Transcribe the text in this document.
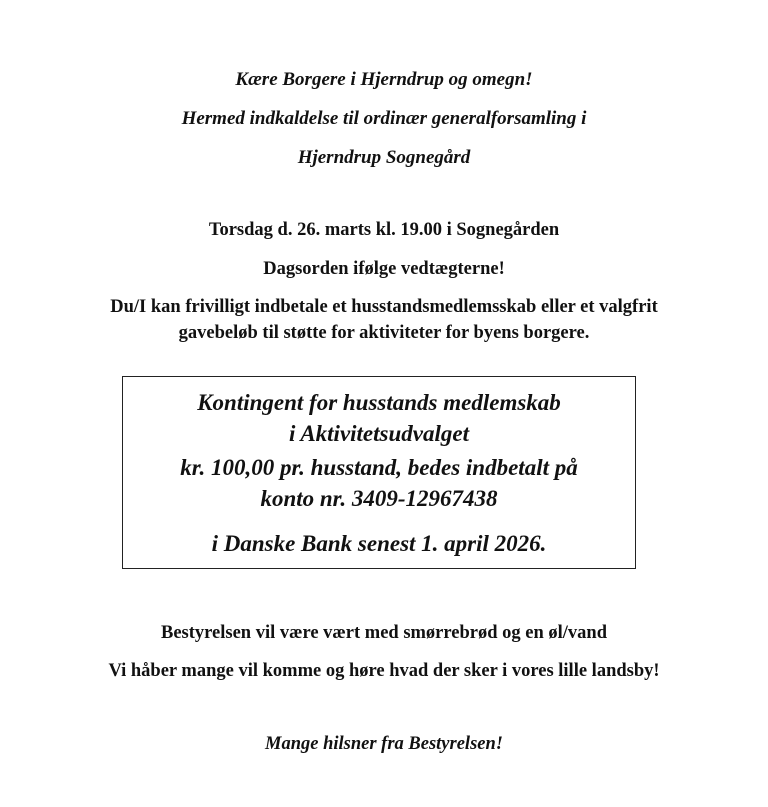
Kære Borgere i Hjerndrup og omegn!
Hermed indkaldelse til ordinær generalforsamling i
Hjerndrup Sognegård
Torsdag d. 26. marts kl. 19.00 i Sognegården
Dagsorden ifølge vedtægterne!
Du/I kan frivilligt indbetale et husstandsmedlemsskab eller et valgfrit
gavebeløb til støtte for aktiviteter for byens borgere.
Kontingent for husstands medlemskab
i Aktivitetsudvalget
kr. 100,00 pr. husstand, bedes indbetalt på
konto nr. 3409-12967438
i Danske Bank senest 1. april 2026.
Bestyrelsen vil være vært med smørrebrød og en øl/vand
Vi håber mange vil komme og høre hvad der sker i vores lille landsby!
Mange hilsner fra Bestyrelsen!
